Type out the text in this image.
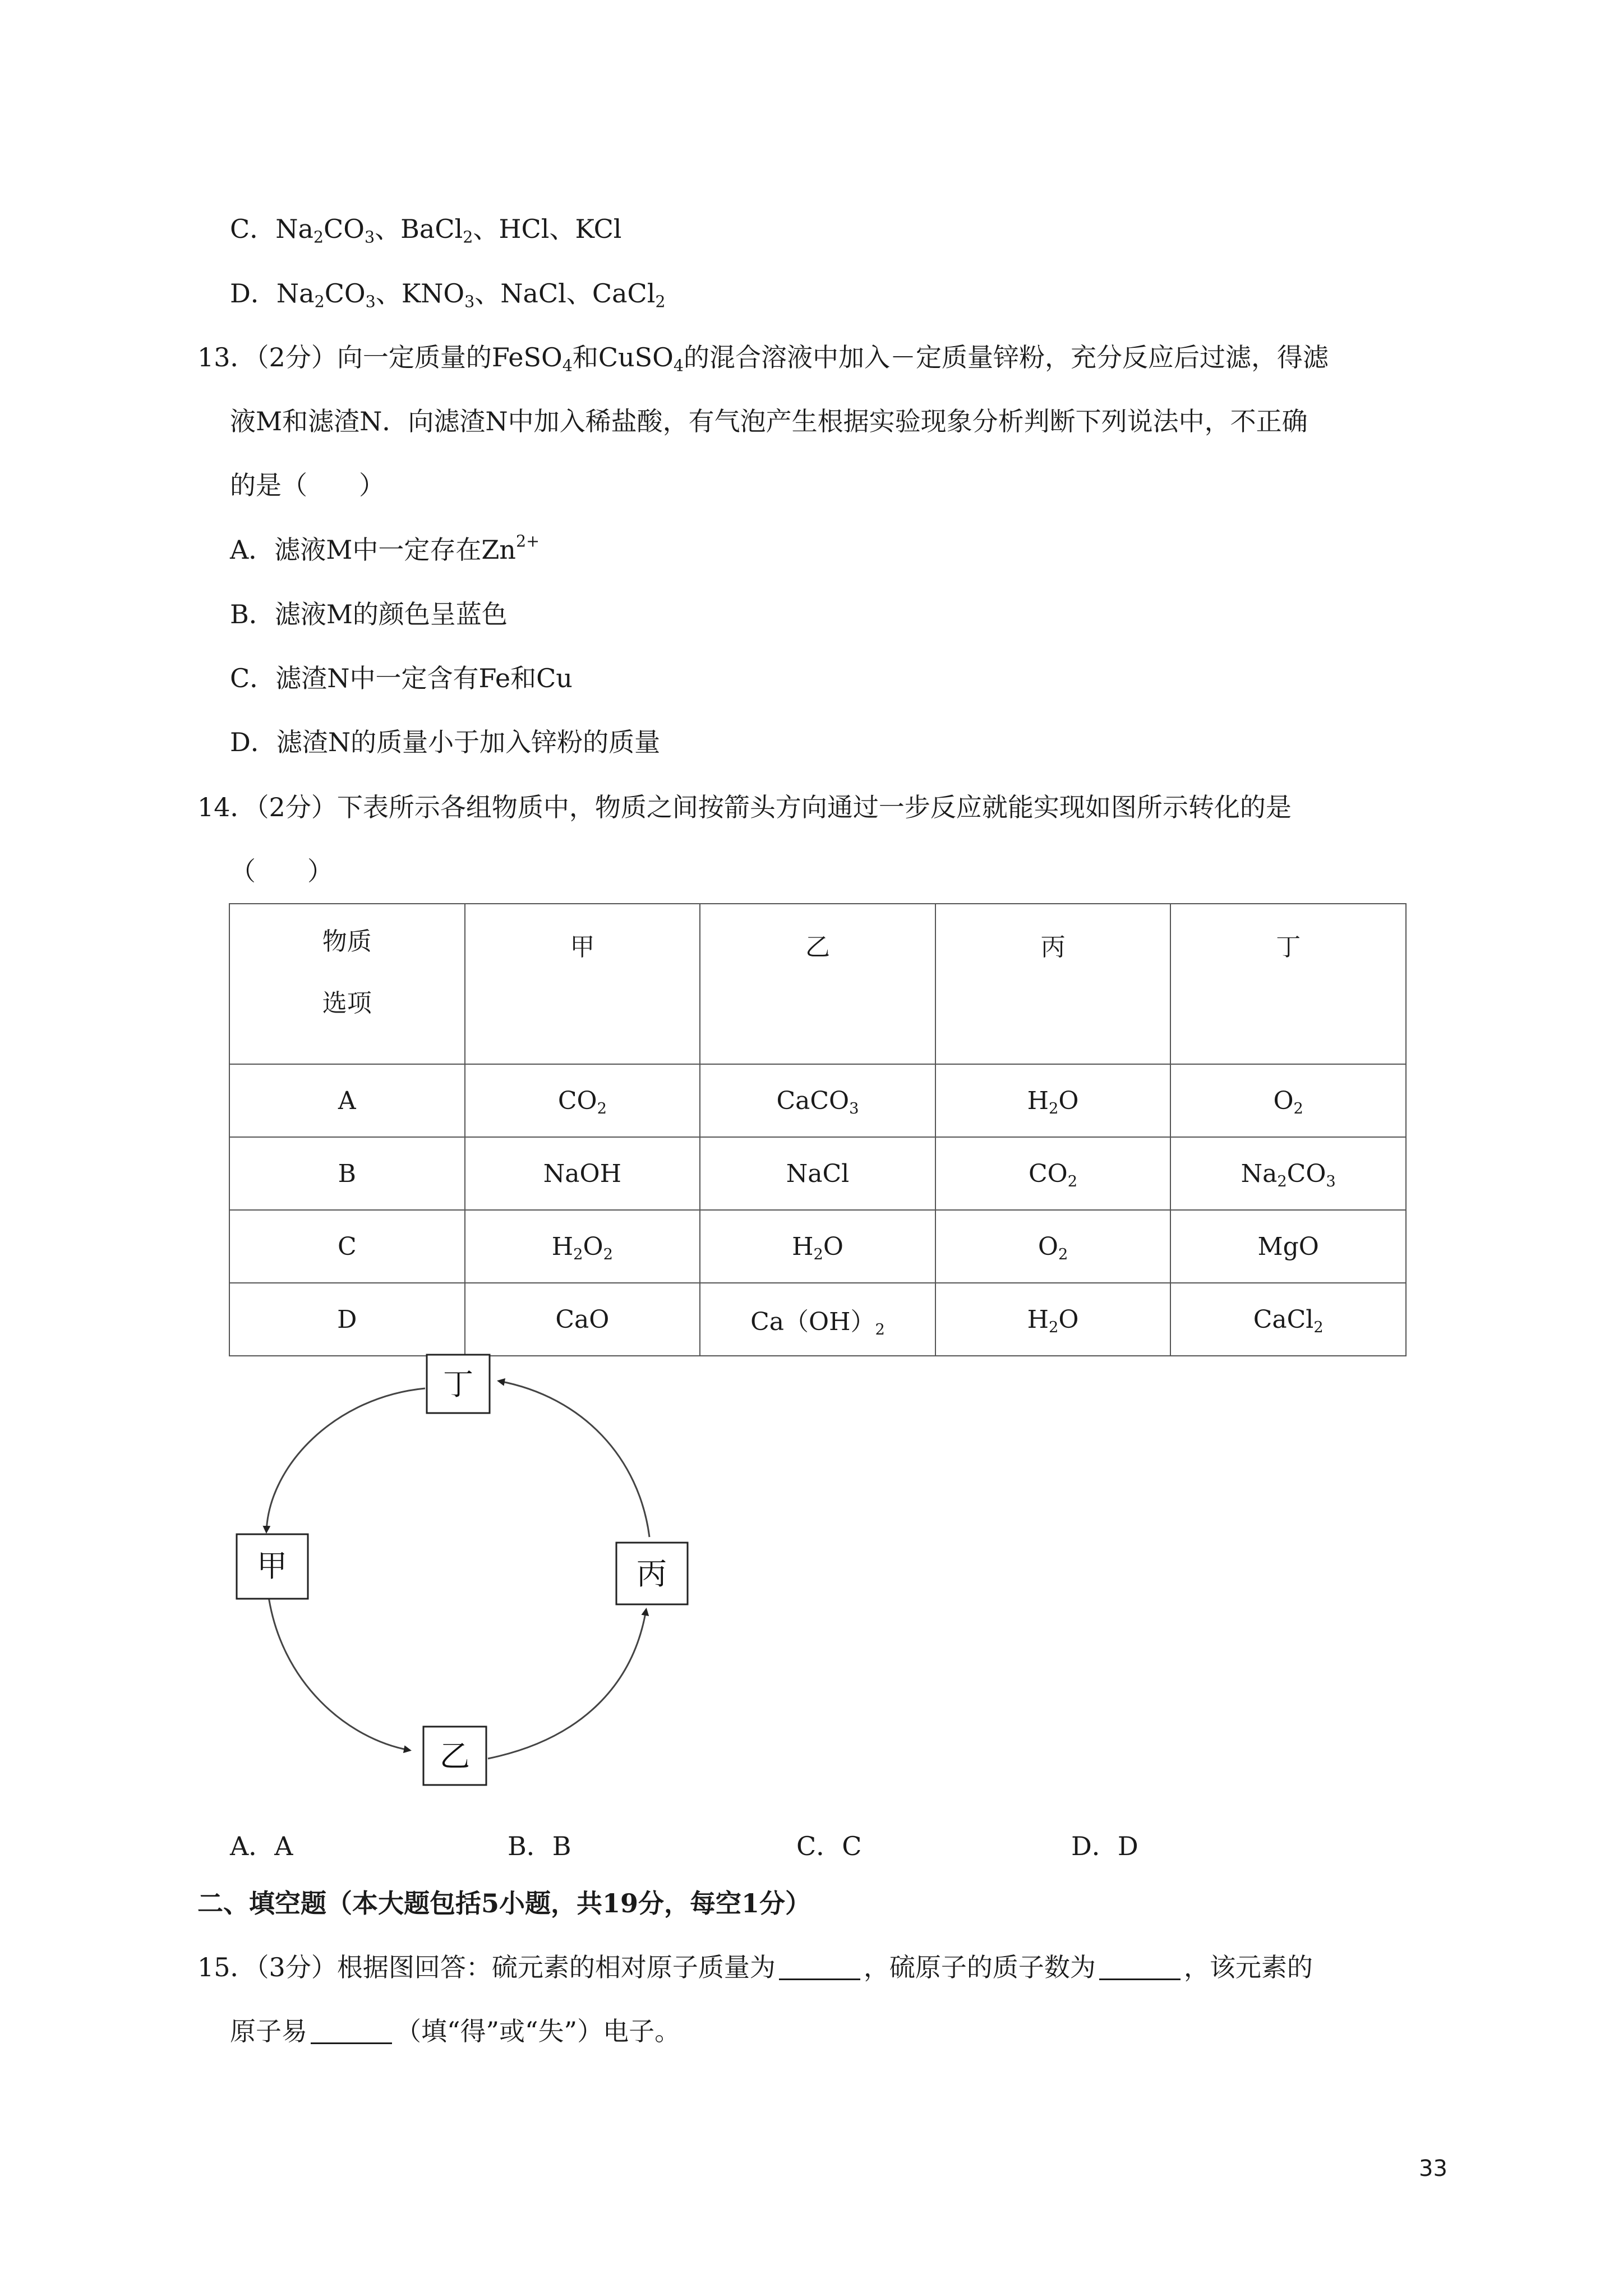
C．$Na_2CO_3$、BaCl$_2$、HCl、KCl
D．$Na_2CO_3$、$KNO_3$、NaCl、CaCl$_2$
13．（2分）向一定质量的FeSO$_4$和CuSO$_4$的混合溶液中加入－定质量锌粉，充分反应后过滤，得滤
液M和滤渣N．向滤渣N中加入稀盐酸，有气泡产生根据实验现象分析判断下列说法中，不正确
的是（　　）
A．滤液M中一定存在$Zn^{2+}$
B．滤液M的颜色呈蓝色
C．滤渣N中一定含有Fe和Cu
D．滤渣N的质量小于加入锌粉的质量
14．（2分）下表所示各组物质中，物质之间按箭头方向通过一步反应就能实现如图所示转化的是
（　　）
物质
选项	甲	乙	丙	丁
A	$CO_2$	CaCO$_3$	$H_2O$	$O_2$
B	NaOH	NaCl	$CO_2$	$Na_2CO_3$
C	$H_2O_2$	$H_2O$	$O_2$	MgO
D	CaO	$Ca(OH)_2$	$H_2O$	CaCl$_2$
丁
甲	丙
乙
A．A	B．B	C．C	D．D
二、填空题（本大题包括5小题，共19分，每空1分）
15．（3分）根据图回答：硫元素的相对原子质量为	，硫原子的质子数为	，该元素的
原子易	（填“得”或“失”）电子。
33
